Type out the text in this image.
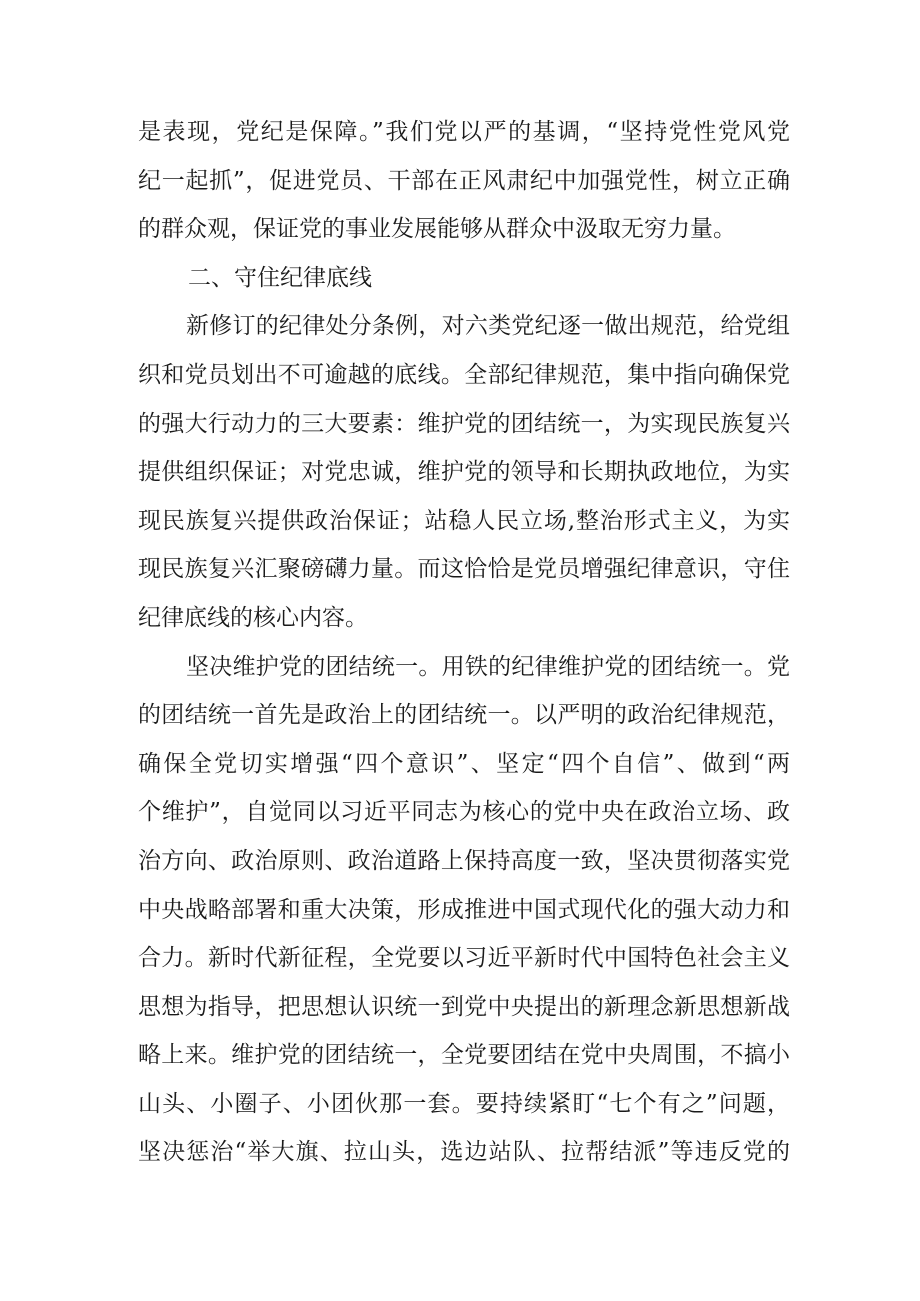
是表现，党纪是保障。”我们党以严的基调，“坚持党性党风党
纪一起抓”，促进党员、干部在正风肃纪中加强党性，树立正确
的群众观，保证党的事业发展能够从群众中汲取无穷力量。
二、守住纪律底线
新修订的纪律处分条例，对六类党纪逐一做出规范，给党组
织和党员划出不可逾越的底线。全部纪律规范，集中指向确保党
的强大行动力的三大要素：维护党的团结统一，为实现民族复兴
提供组织保证；对党忠诚，维护党的领导和长期执政地位，为实
现民族复兴提供政治保证；站稳人民立场,整治形式主义，为实
现民族复兴汇聚磅礴力量。而这恰恰是党员增强纪律意识，守住
纪律底线的核心内容。
坚决维护党的团结统一。用铁的纪律维护党的团结统一。党
的团结统一首先是政治上的团结统一。以严明的政治纪律规范，
确保全党切实增强“四个意识”、坚定“四个自信”、做到“两
个维护”，自觉同以习近平同志为核心的党中央在政治立场、政
治方向、政治原则、政治道路上保持高度一致，坚决贯彻落实党
中央战略部署和重大决策，形成推进中国式现代化的强大动力和
合力。新时代新征程，全党要以习近平新时代中国特色社会主义
思想为指导，把思想认识统一到党中央提出的新理念新思想新战
略上来。维护党的团结统一，全党要团结在党中央周围，不搞小
山头、小圈子、小团伙那一套。要持续紧盯“七个有之”问题，
坚决惩治“举大旗、拉山头，选边站队、拉帮结派”等违反党的
